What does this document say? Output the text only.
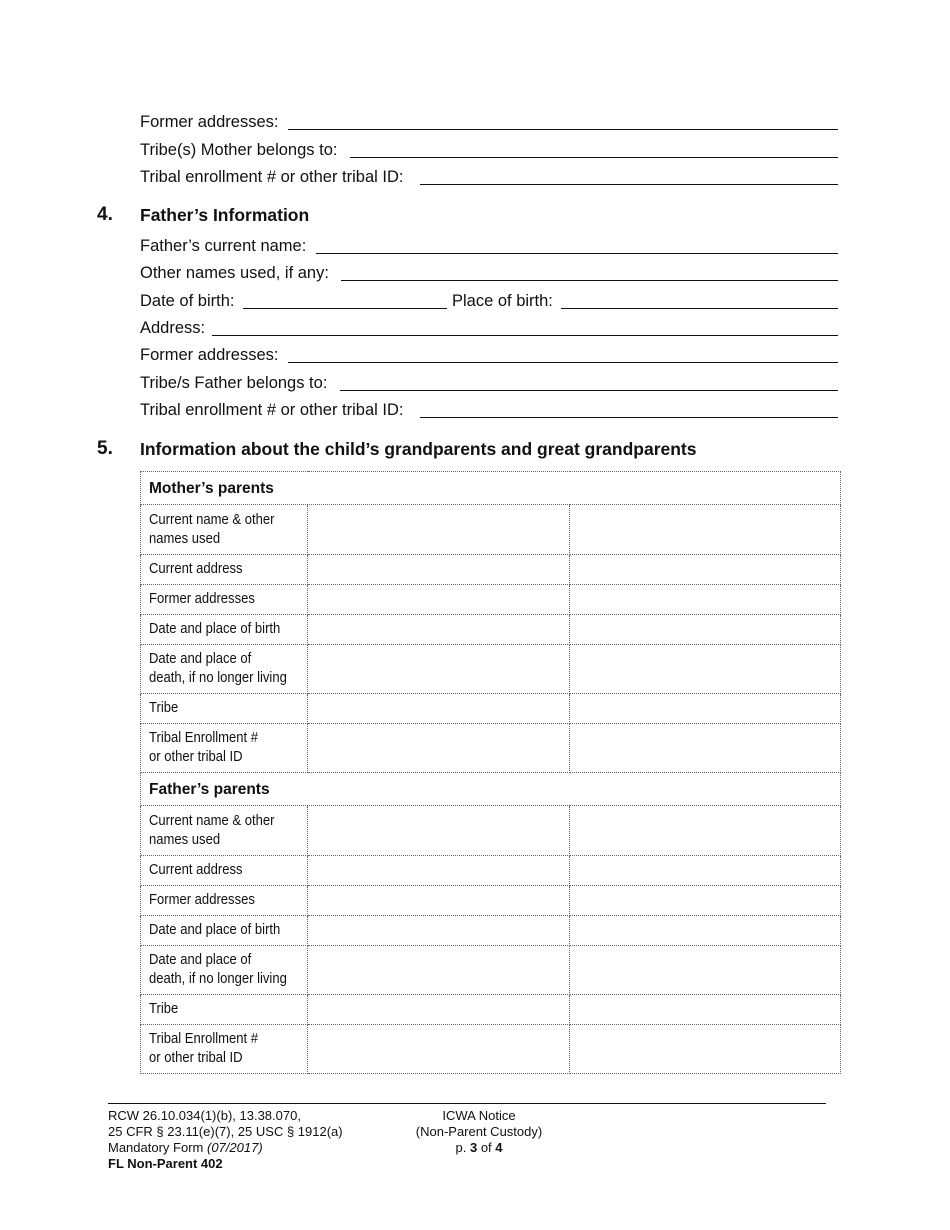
Former addresses:
Tribe(s) Mother belongs to:
Tribal enrollment # or other tribal ID:
4. Father’s Information
Father’s current name:
Other names used, if any:
Date of birth:	Place of birth:
Address:
Former addresses:
Tribe/s Father belongs to:
Tribal enrollment # or other tribal ID:
5. Information about the child’s grandparents and great grandparents
Mother’s parents		

Current name & other
names used		

Current address		

Former addresses		

Date and place of birth		

Date and place of
death, if no longer living		

Tribe		

Tribal Enrollment #
or other tribal ID		

Father’s parents		

Current name & other
names used		

Current address		

Former addresses		

Date and place of birth		

Date and place of
death, if no longer living		

Tribe		

Tribal Enrollment #
or other tribal ID		

RCW 26.10.034(1)(b), 13.38.070,
25 CFR § 23.11(e)(7), 25 USC § 1912(a)
Mandatory Form (07/2017)
FL Non-Parent 402
ICWA Notice
(Non-Parent Custody)
p. 3 of 4
